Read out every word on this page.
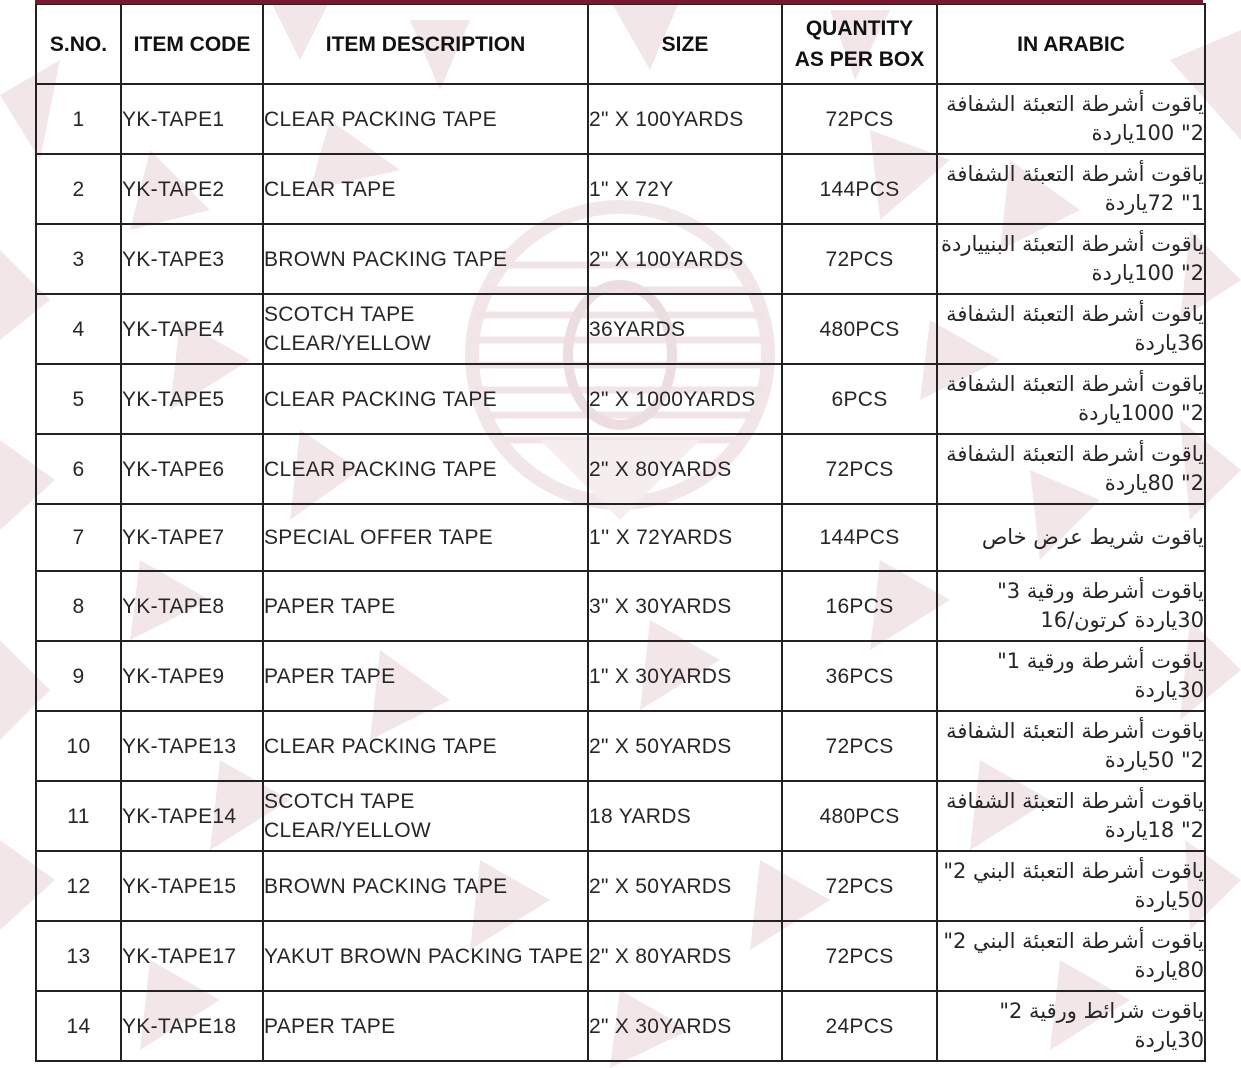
S.NO.	ITEM CODE	ITEM DESCRIPTION	SIZE	QUANTITY
AS PER BOX	IN ARABIC
1	YK-TAPE1	CLEAR PACKING TAPE	2" X 100YARDS	72PCS	ياقوت أشرطة التعبئة الشفافة 2" 100ياردة
2	YK-TAPE2	CLEAR TAPE	1" X 72Y	144PCS	ياقوت أشرطة التعبئة الشفافة 1" 72ياردة
3	YK-TAPE3	BROWN PACKING TAPE	2" X 100YARDS	72PCS	ياقوت أشرطة التعبئة البنيياردة 2" 100ياردة
4	YK-TAPE4	SCOTCH TAPE CLEAR/YELLOW	36YARDS	480PCS	ياقوت أشرطة التعبئة الشفافة 36ياردة
5	YK-TAPE5	CLEAR PACKING TAPE	2" X 1000YARDS	6PCS	ياقوت أشرطة التعبئة الشفافة 2" 1000ياردة
6	YK-TAPE6	CLEAR PACKING TAPE	2" X 80YARDS	72PCS	ياقوت أشرطة التعبئة الشفافة 2" 80ياردة
7	YK-TAPE7	SPECIAL OFFER TAPE	1'' X 72YARDS	144PCS	ياقوت شريط عرض خاص
8	YK-TAPE8	PAPER TAPE	3" X 30YARDS	16PCS	ياقوت أشرطة ورقية 3" 30ياردة كرتون/16
9	YK-TAPE9	PAPER TAPE	1" X 30YARDS	36PCS	ياقوت أشرطة ورقية 1" 30ياردة
10	YK-TAPE13	CLEAR PACKING TAPE	2" X 50YARDS	72PCS	ياقوت أشرطة التعبئة الشفافة 2" 50ياردة
11	YK-TAPE14	SCOTCH TAPE CLEAR/YELLOW	18 YARDS	480PCS	ياقوت أشرطة التعبئة الشفافة 2" 18ياردة
12	YK-TAPE15	BROWN PACKING TAPE	2" X 50YARDS	72PCS	ياقوت أشرطة التعبئة البني 2" 50ياردة
13	YK-TAPE17	YAKUT BROWN PACKING TAPE	2" X 80YARDS	72PCS	ياقوت أشرطة التعبئة البني 2" 80ياردة
14	YK-TAPE18	PAPER TAPE	2" X 30YARDS	24PCS	ياقوت شرائط ورقية 2" 30ياردة
